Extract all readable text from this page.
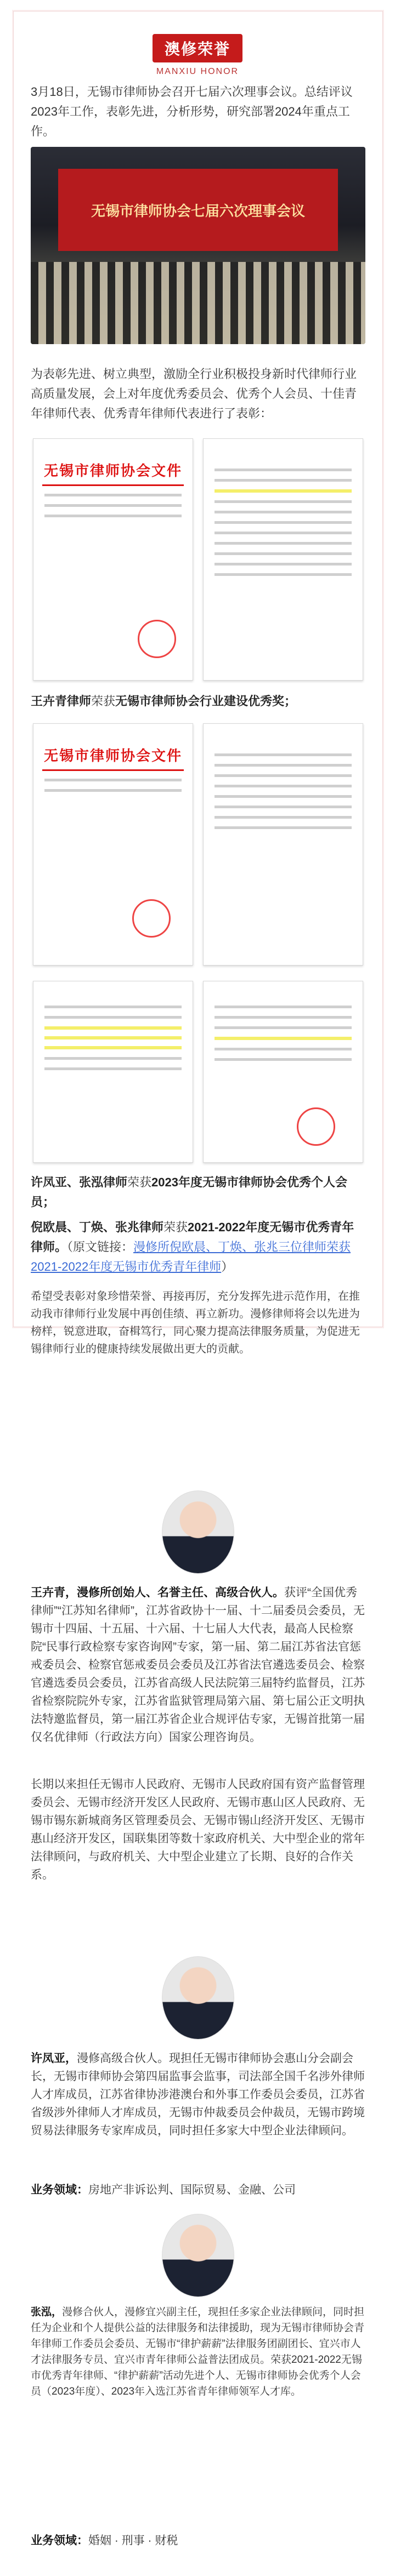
澳修荣誉
MANXIU HONOR
3月18日，无锡市律师协会召开七届六次理事会议。总结评议2023年工作，表彰先进，分析形势，研究部署2024年重点工作。
无锡市律师协会七届六次理事会议
为表彰先进、树立典型，激励全行业积极投身新时代律师行业高质量发展，会上对年度优秀委员会、优秀个人会员、十佳青年律师代表、优秀青年律师代表进行了表彰：
无锡市律师协会文件
王卉青律师荣获无锡市律师协会行业建设优秀奖；
无锡市律师协会文件
许凤亚、张泓律师荣获2023年度无锡市律师协会优秀个人会员；
倪欧晨、丁焕、张兆律师荣获2021-2022年度无锡市优秀青年律师。（原文链接：漫修所倪欧晨、丁焕、张兆三位律师荣获2021-2022年度无锡市优秀青年律师）
希望受表彰对象珍惜荣誉、再接再厉，充分发挥先进示范作用，在推动我市律师行业发展中再创佳绩、再立新功。漫修律师将会以先进为榜样，锐意进取，奋楫笃行，同心聚力提高法律服务质量，为促进无锡律师行业的健康持续发展做出更大的贡献。
王卉青，漫修所创始人、名誉主任、高级合伙人。获评“全国优秀律师”“江苏知名律师”，江苏省政协十一届、十二届委员会委员，无锡市十四届、十五届、十六届、十七届人大代表，最高人民检察院“民事行政检察专家咨询网”专家，第一届、第二届江苏省法官惩戒委员会、检察官惩戒委员会委员及江苏省法官遴选委员会、检察官遴选委员会委员，江苏省高级人民法院第三届特约监督员，江苏省检察院院外专家，江苏省监狱管理局第六届、第七届公正文明执法特邀监督员，第一届江苏省企业合规评估专家，无锡首批第一届仅名优律师（行政法方向）国家公理咨询员。
长期以来担任无锡市人民政府、无锡市人民政府国有资产监督管理委员会、无锡市经济开发区人民政府、无锡市惠山区人民政府、无锡市锡东新城商务区管理委员会、无锡市锡山经济开发区、无锡市惠山经济开发区，国联集团等数十家政府机关、大中型企业的常年法律顾问，与政府机关、大中型企业建立了长期、良好的合作关系。
许凤亚，漫修高级合伙人。现担任无锡市律师协会惠山分会副会长，无锡市律师协会第四届监事会监事，司法部全国千名涉外律师人才库成员，江苏省律协涉港澳台和外事工作委员会委员，江苏省省级涉外律师人才库成员，无锡市仲裁委员会仲裁员，无锡市跨境贸易法律服务专家库成员，同时担任多家大中型企业法律顾问。
业务领域：房地产非诉讼判、国际贸易、金融、公司
张泓，漫修合伙人，漫修宜兴副主任，现担任多家企业法律顾问，同时担任为企业和个人提供公益的法律服务和法律援助，现为无锡市律师协会青年律师工作委员会委员、无锡市“律护薪薪”法律服务团副团长、宜兴市人才法律服务专员、宜兴市青年律师公益普法团成员。荣获2021-2022无锡市优秀青年律师、“律护薪薪”活动先进个人、无锡市律师协会优秀个人会员（2023年度）、2023年入选江苏省青年律师领军人才库。
业务领域：婚姻 · 刑事 · 财税
